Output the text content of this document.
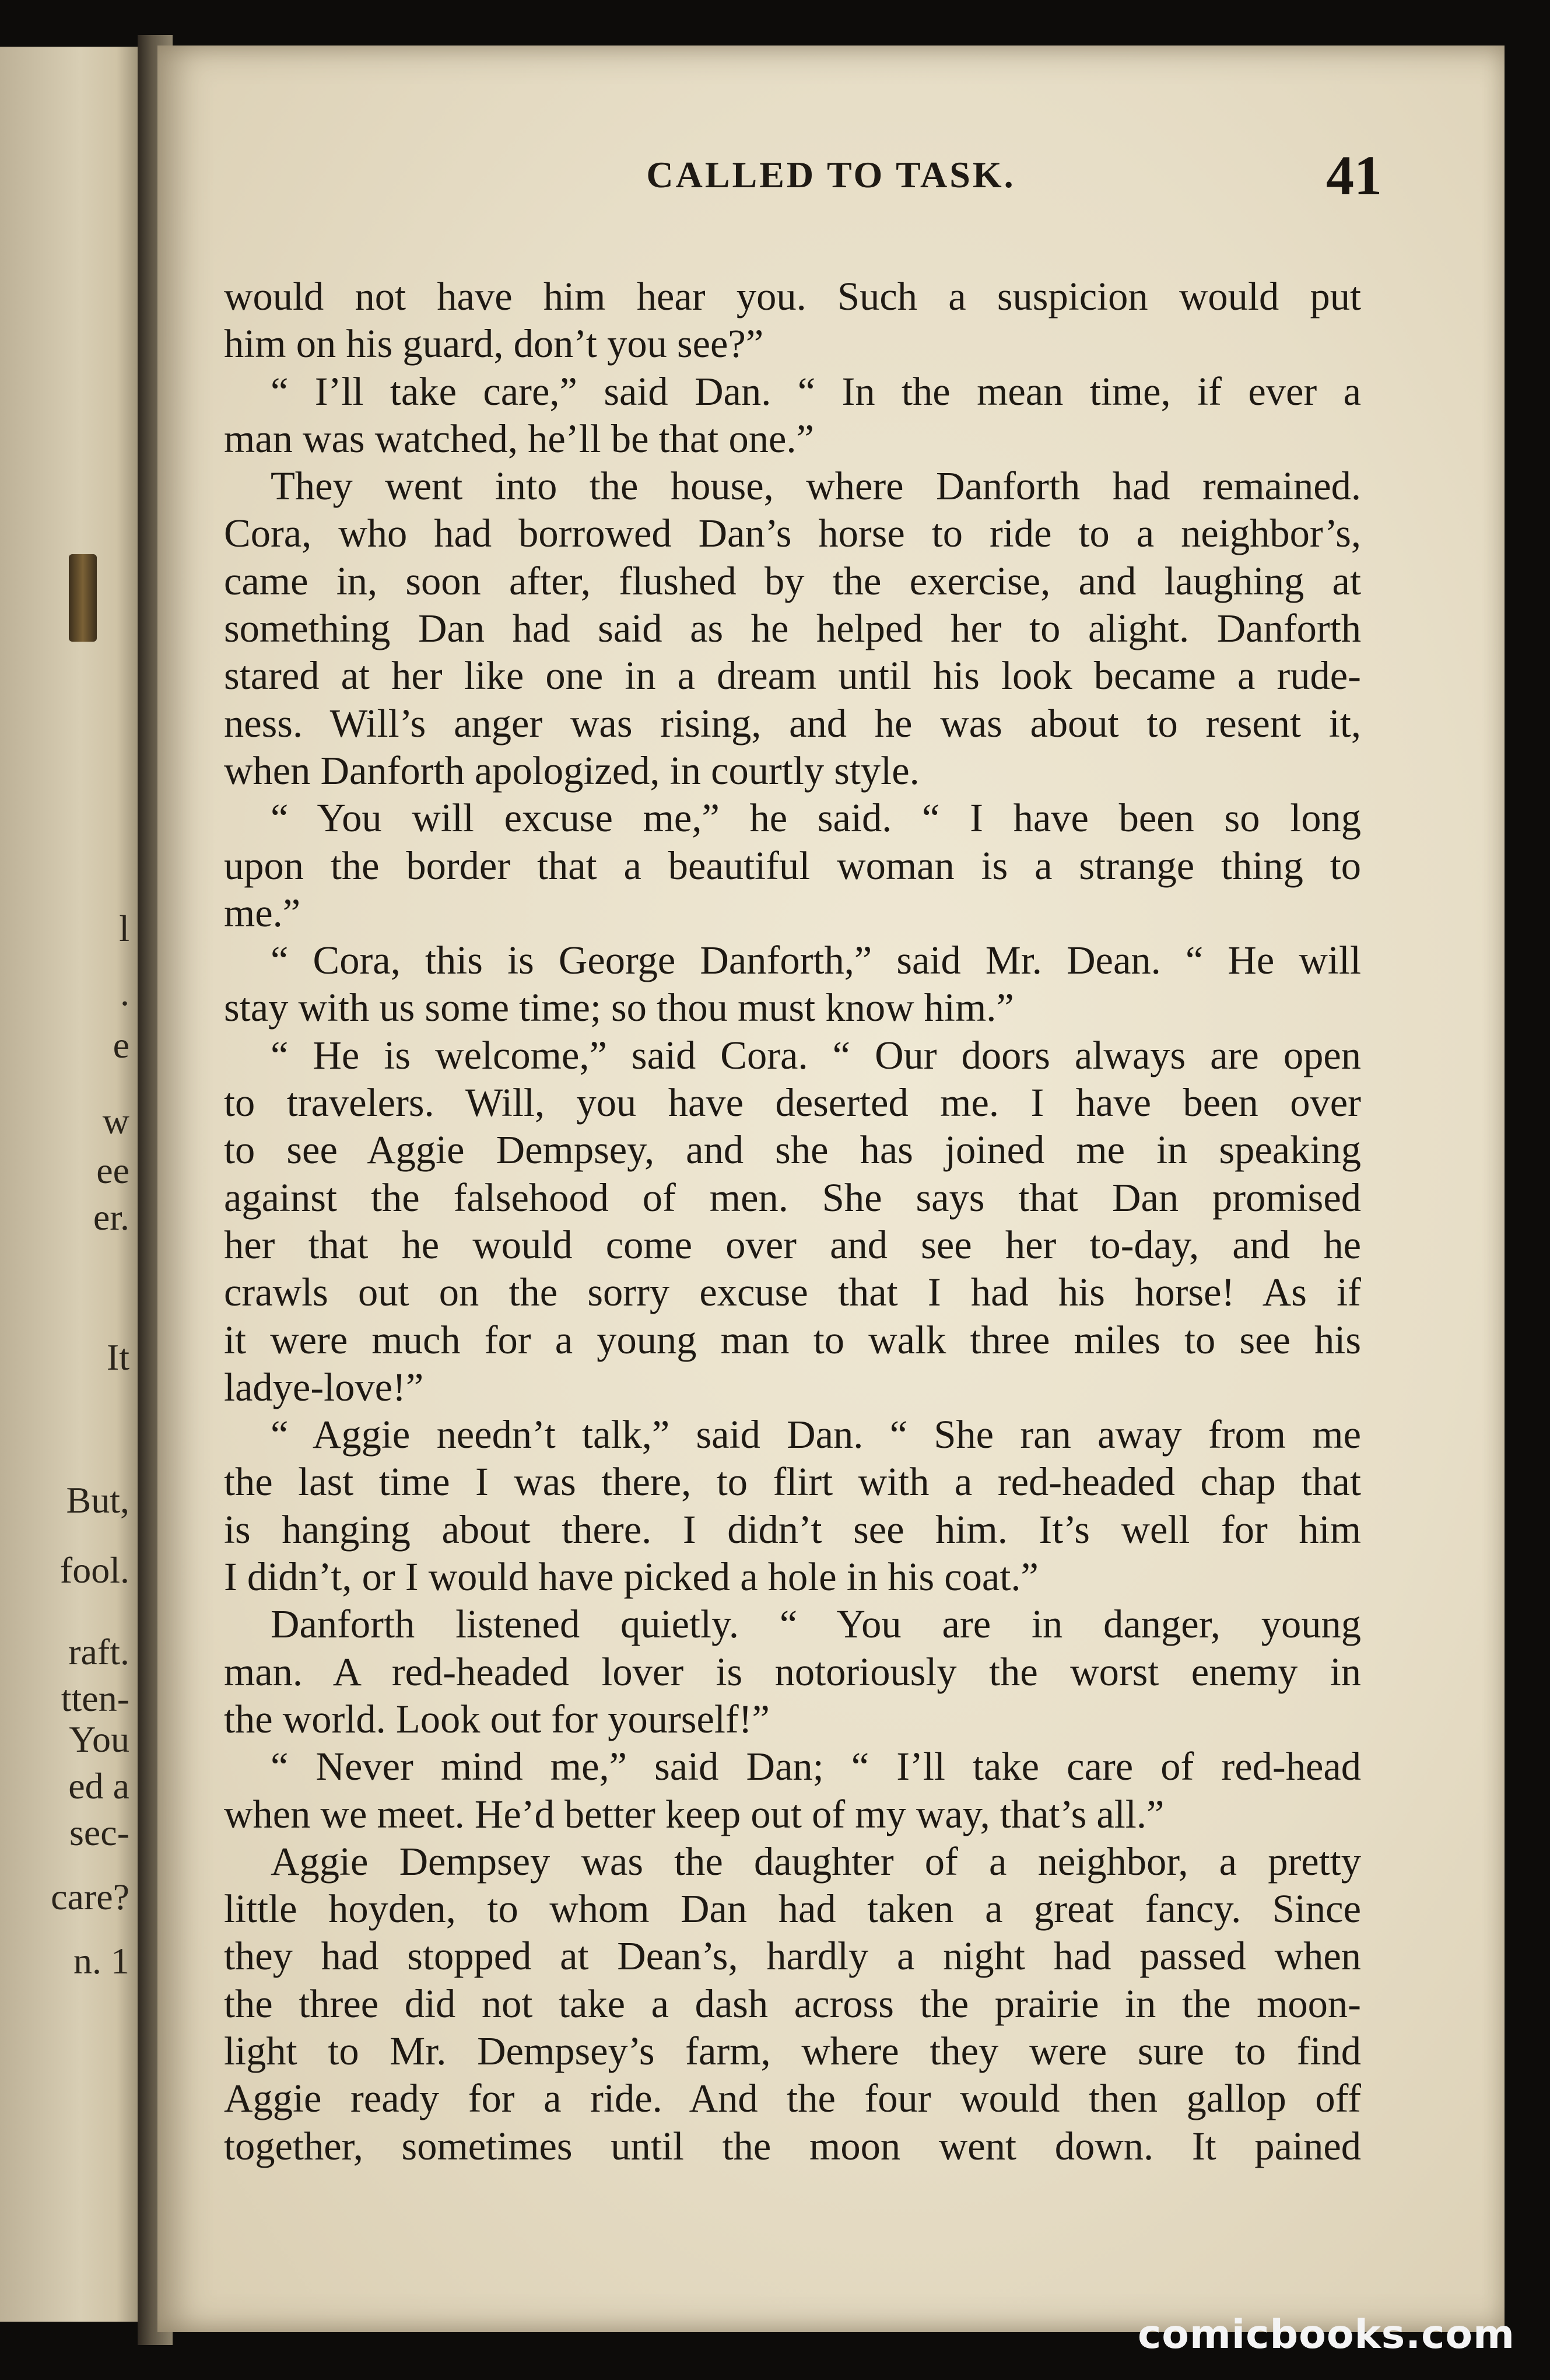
l
.
e
w
ee
er.
It
But,
fool.
raft.
tten-
You
ed a
sec-
care?
n. 1
CALLED TO TASK.	41
would not have him hear you. Such a suspicion would put
him on his guard, don’t you see?”
“ I’ll take care,” said Dan. “ In the mean time, if ever a
man was watched, he’ll be that one.”
They went into the house, where Danforth had remained.
Cora, who had borrowed Dan’s horse to ride to a neighbor’s,
came in, soon after, flushed by the exercise, and laughing at
something Dan had said as he helped her to alight. Danforth
stared at her like one in a dream until his look became a rude-
ness. Will’s anger was rising, and he was about to resent it,
when Danforth apologized, in courtly style.
“ You will excuse me,” he said. “ I have been so long
upon the border that a beautiful woman is a strange thing to
me.”
“ Cora, this is George Danforth,” said Mr. Dean. “ He will
stay with us some time; so thou must know him.”
“ He is welcome,” said Cora. “ Our doors always are open
to travelers. Will, you have deserted me. I have been over
to see Aggie Dempsey, and she has joined me in speaking
against the falsehood of men. She says that Dan promised
her that he would come over and see her to-day, and he
crawls out on the sorry excuse that I had his horse! As if
it were much for a young man to walk three miles to see his
ladye-love!”
“ Aggie needn’t talk,” said Dan. “ She ran away from me
the last time I was there, to flirt with a red-headed chap that
is hanging about there. I didn’t see him. It’s well for him
I didn’t, or I would have picked a hole in his coat.”
Danforth listened quietly. “ You are in danger, young
man. A red-headed lover is notoriously the worst enemy in
the world. Look out for yourself!”
“ Never mind me,” said Dan; “ I’ll take care of red-head
when we meet. He’d better keep out of my way, that’s all.”
Aggie Dempsey was the daughter of a neighbor, a pretty
little hoyden, to whom Dan had taken a great fancy. Since
they had stopped at Dean’s, hardly a night had passed when
the three did not take a dash across the prairie in the moon-
light to Mr. Dempsey’s farm, where they were sure to find
Aggie ready for a ride. And the four would then gallop off
together, sometimes until the moon went down. It pained
comicbooks.com
